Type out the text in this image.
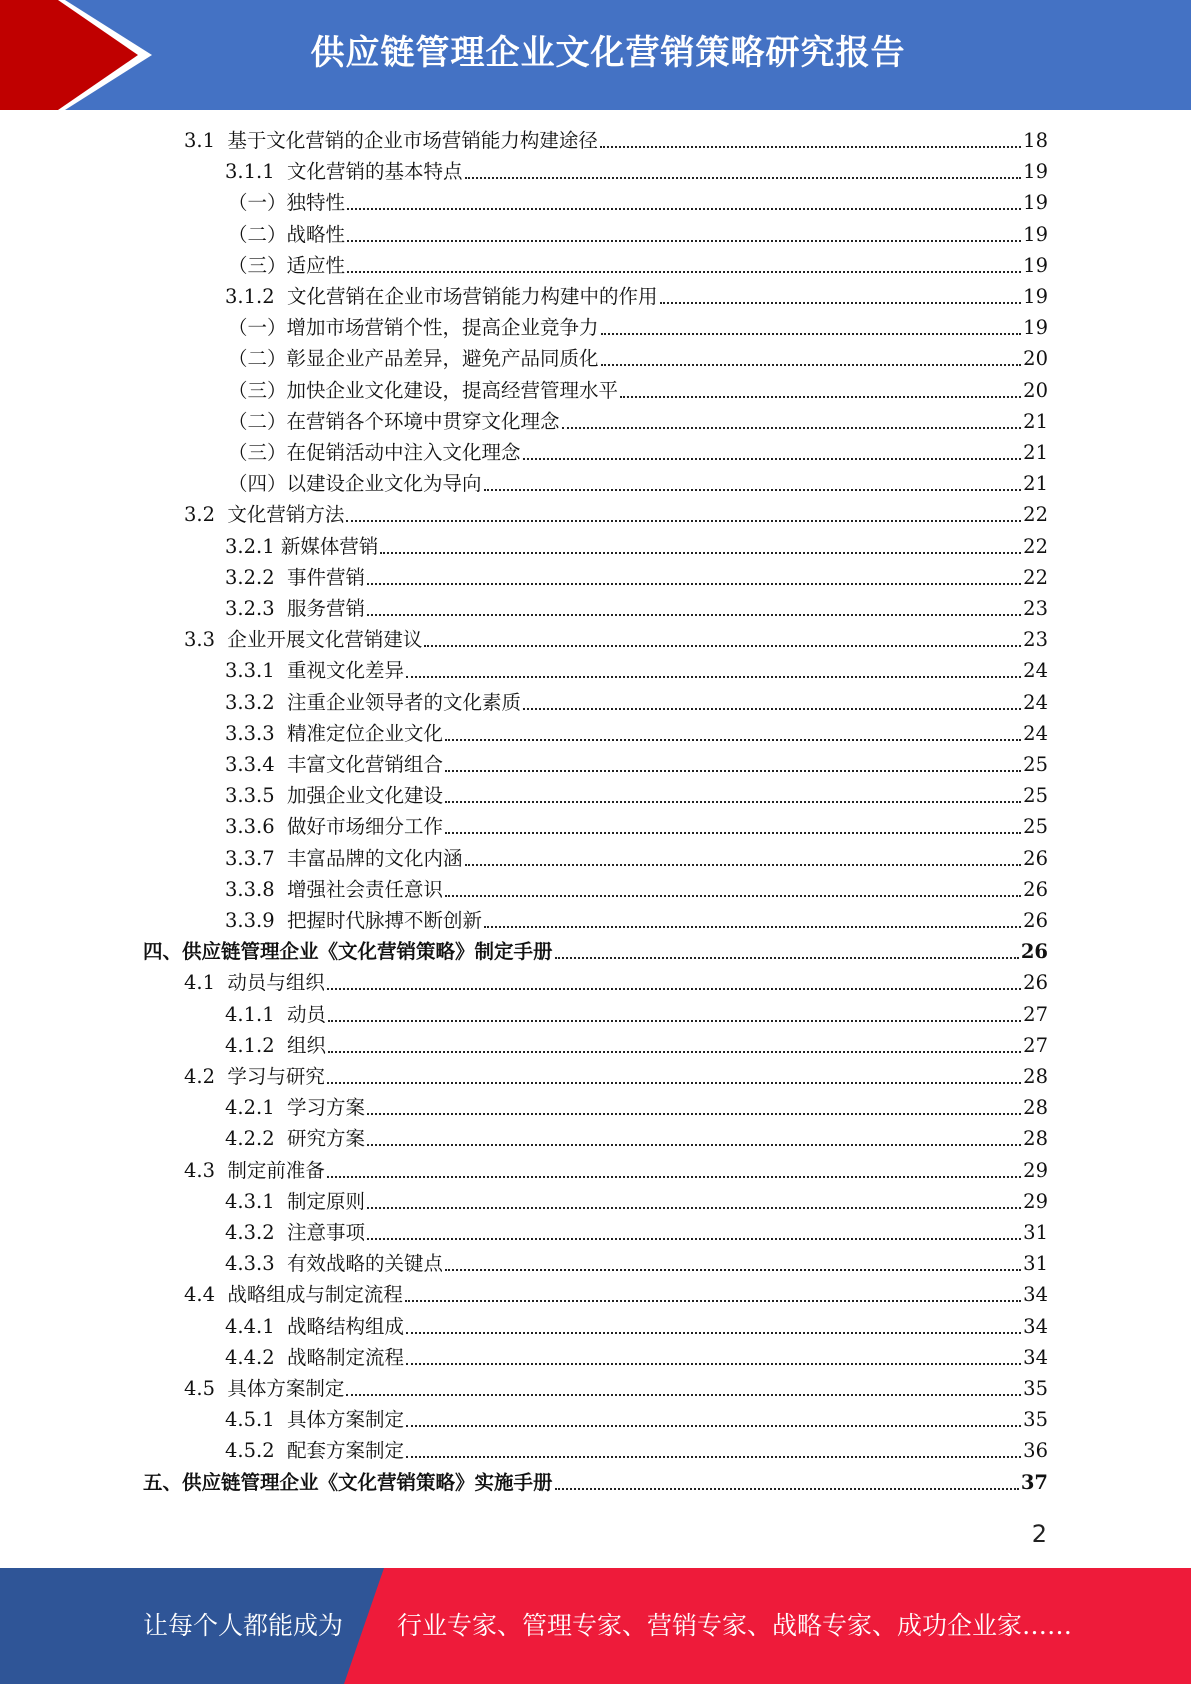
供应链管理企业文化营销策略研究报告
3.1 基于文化营销的企业市场营销能力构建途径	18
3.1.1 文化营销的基本特点	19
（一）独特性	19
（二）战略性	19
（三）适应性	19
3.1.2 文化营销在企业市场营销能力构建中的作用	19
（一）增加市场营销个性，提高企业竞争力	19
（二）彰显企业产品差异，避免产品同质化	20
（三）加快企业文化建设，提高经营管理水平	20
（二）在营销各个环境中贯穿文化理念	21
（三）在促销活动中注入文化理念	21
（四）以建设企业文化为导向	21
3.2 文化营销方法	22
3.2.1 新媒体营销	22
3.2.2 事件营销	22
3.2.3 服务营销	23
3.3 企业开展文化营销建议	23
3.3.1 重视文化差异	24
3.3.2 注重企业领导者的文化素质	24
3.3.3 精准定位企业文化	24
3.3.4 丰富文化营销组合	25
3.3.5 加强企业文化建设	25
3.3.6 做好市场细分工作	25
3.3.7 丰富品牌的文化内涵	26
3.3.8 增强社会责任意识	26
3.3.9 把握时代脉搏不断创新	26
四、供应链管理企业《文化营销策略》制定手册	26
4.1 动员与组织	26
4.1.1 动员	27
4.1.2 组织	27
4.2 学习与研究	28
4.2.1 学习方案	28
4.2.2 研究方案	28
4.3 制定前准备	29
4.3.1 制定原则	29
4.3.2 注意事项	31
4.3.3 有效战略的关键点	31
4.4 战略组成与制定流程	34
4.4.1 战略结构组成	34
4.4.2 战略制定流程	34
4.5 具体方案制定	35
4.5.1 具体方案制定	35
4.5.2 配套方案制定	36
五、供应链管理企业《文化营销策略》实施手册	37
2
让每个人都能成为 行业专家、管理专家、营销专家、战略专家、成功企业家……
